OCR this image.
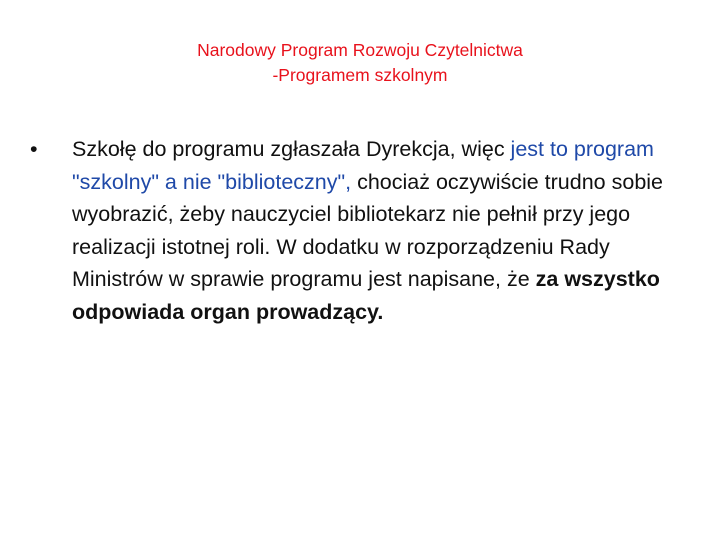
Narodowy Program Rozwoju Czytelnictwa
-Programem szkolnym
•	Szkołę do programu zgłaszała Dyrekcja, więc jest to program "szkolny" a nie "biblioteczny", chociaż oczywiście trudno sobie wyobrazić, żeby nauczyciel bibliotekarz nie pełnił przy jego realizacji istotnej roli. W dodatku w rozporządzeniu Rady Ministrów w sprawie programu jest napisane, że za wszystko odpowiada organ prowadzący.
